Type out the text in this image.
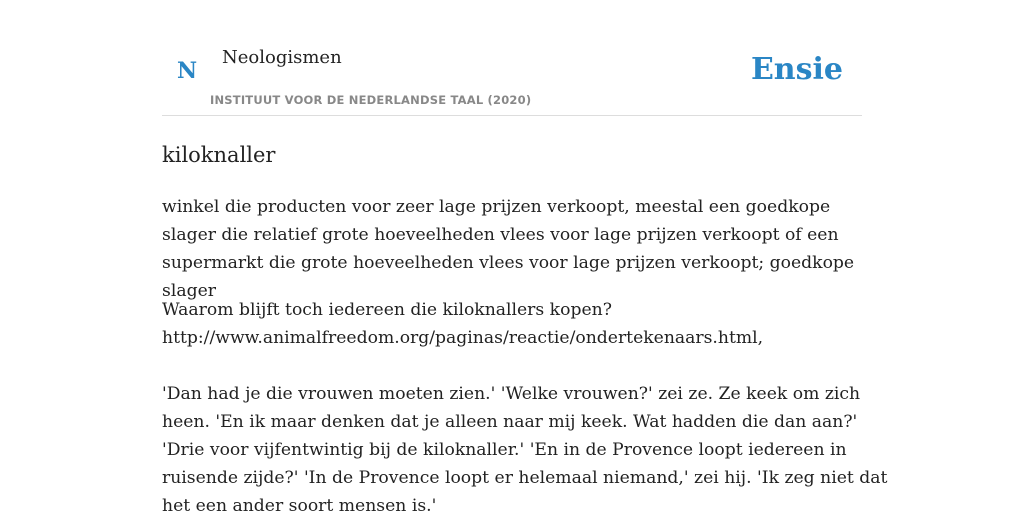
N
Neologismen
INSTITUUT VOOR DE NEDERLANDSE TAAL (2020)
Ensie
kiloknaller

winkel die producten voor zeer lage prijzen verkoopt, meestal een goedkope slager die relatief grote hoeveelheden vlees voor lage prijzen verkoopt of een supermarkt die grote hoeveelheden vlees voor lage prijzen verkoopt; goedkope slager

Waarom blijft toch iedereen die kiloknallers kopen?
http://www.animalfreedom.org/paginas/reactie/ondertekenaars.html,

'Dan had je die vrouwen moeten zien.' 'Welke vrouwen?' zei ze. Ze keek om zich
heen. 'En ik maar denken dat je alleen naar mij keek. Wat hadden die dan aan?'
'Drie voor vijfentwintig bij de kiloknaller.' 'En in de Provence loopt iedereen in
ruisende zijde?' 'In de Provence loopt er helemaal niemand,' zei hij. 'Ik zeg niet dat
het een ander soort mensen is.'
